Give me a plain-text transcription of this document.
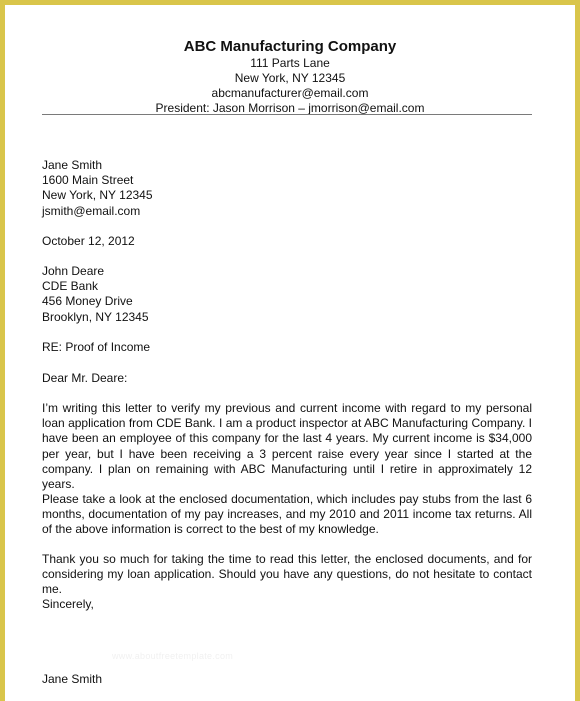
ABC Manufacturing Company

111 Parts Lane
New York, NY 12345
abcmanufacturer@email.com
President: Jason Morrison – jmorrison@email.com

Jane Smith
1600 Main Street
New York, NY 12345
jsmith@email.com

October 12, 2012

John Deare
CDE Bank
456 Money Drive
Brooklyn, NY 12345

RE: Proof of Income
Dear Mr. Deare:

I’m writing this letter to verify my previous and current income with regard to my personal loan application from CDE Bank. I am a product inspector at ABC Manufacturing Company. I have been an employee of this company for the last 4 years. My current income is $34,000 per year, but I have been receiving a 3 percent raise every year since I started at the company. I plan on remaining with ABC Manufacturing until I retire in approximately 12 years.

Please take a look at the enclosed documentation, which includes pay stubs from the last 6 months, documentation of my pay increases, and my 2010 and 2011 income tax returns. All of the above information is correct to the best of my knowledge.

Thank you so much for taking the time to read this letter, the enclosed documents, and for considering my loan application. Should you have any questions, do not hesitate to contact me.

Sincerely,
www.aboutfreetemplate.com
Jane Smith
